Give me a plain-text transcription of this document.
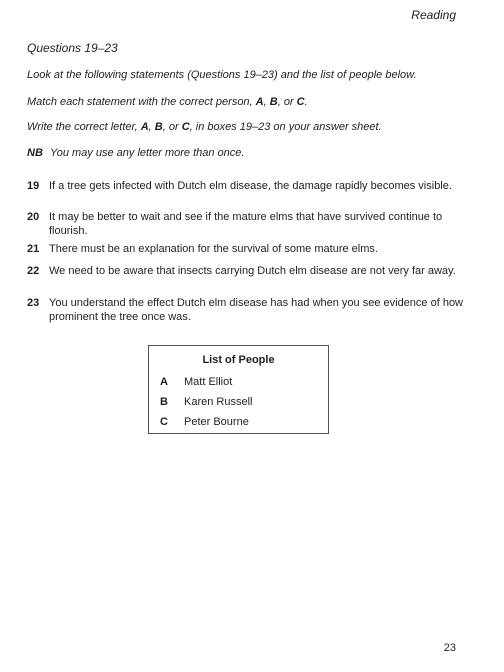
Reading
Questions 19–23
Look at the following statements (Questions 19–23) and the list of people below.
Match each statement with the correct person, A, B, or C.
Write the correct letter, A, B, or C, in boxes 19–23 on your answer sheet.
NB You may use any letter more than once.
19 If a tree gets infected with Dutch elm disease, the damage rapidly becomes visible.
20 It may be better to wait and see if the mature elms that have survived continue to flourish.
21 There must be an explanation for the survival of some mature elms.
22 We need to be aware that insects carrying Dutch elm disease are not very far away.
23 You understand the effect Dutch elm disease has had when you see evidence of how prominent the tree once was.
List of People
A Matt Elliot
B Karen Russell
C Peter Bourne
23
